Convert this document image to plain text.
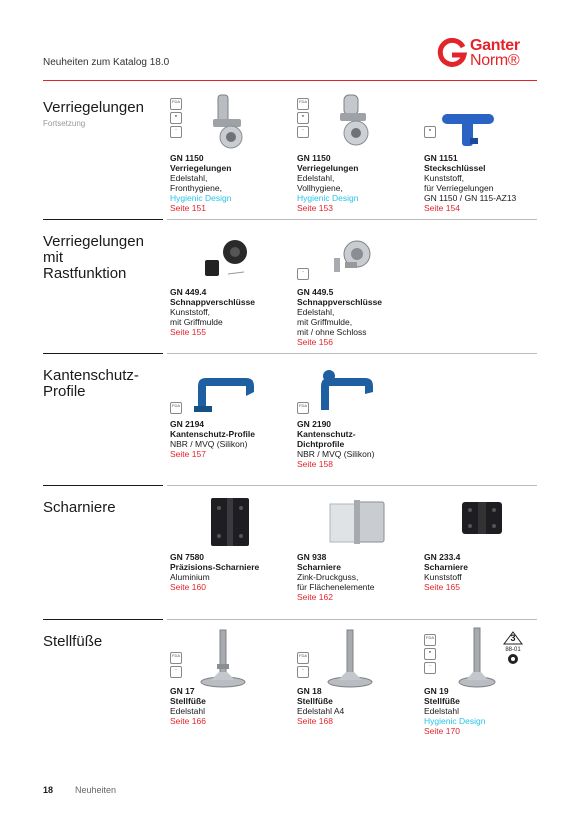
Neuheiten zum Katalog 18.0
Ganter
Norm®
Verriegelungen
Fortsetzung
FDA
●
~
GN 1150
Verriegelungen
Edelstahl,
Fronthygiene,
Hygienic Design
Seite 151
FDA
●
~
GN 1150
Verriegelungen
Edelstahl,
Vollhygiene,
Hygienic Design
Seite 153
●
GN 1151
Steckschlüssel
Kunststoff,
für Verriegelungen
GN 1150 / GN 115-AZ13
Seite 154
Verriegelungen
mit
Rastfunktion
GN 449.4
Schnappverschlüsse
Kunststoff,
mit Griffmulde
Seite 155
~
GN 449.5
Schnappverschlüsse
Edelstahl,
mit Griffmulde,
mit / ohne Schloss
Seite 156
Kantenschutz-
Profile
FDA
GN 2194
Kantenschutz-Profile
NBR / MVQ (Silikon)
Seite 157
FDA
GN 2190
Kantenschutz-
Dichtprofile
NBR / MVQ (Silikon)
Seite 158
Scharniere
GN 7580
Präzisions-Scharniere
Aluminium
Seite 160
GN 938
Scharniere
Zink-Druckguss,
für Flächenelemente
Seite 162
GN 233.4
Scharniere
Kunststoff
Seite 165
Stellfüße
FDA
~
GN 17
Stellfüße
Edelstahl
Seite 166
FDA
~
GN 18
Stellfüße
Edelstahl A4
Seite 168
FDA
●
~
3
88-01
GN 19
Stellfüße
Edelstahl
Hygienic Design
Seite 170
18 Neuheiten
